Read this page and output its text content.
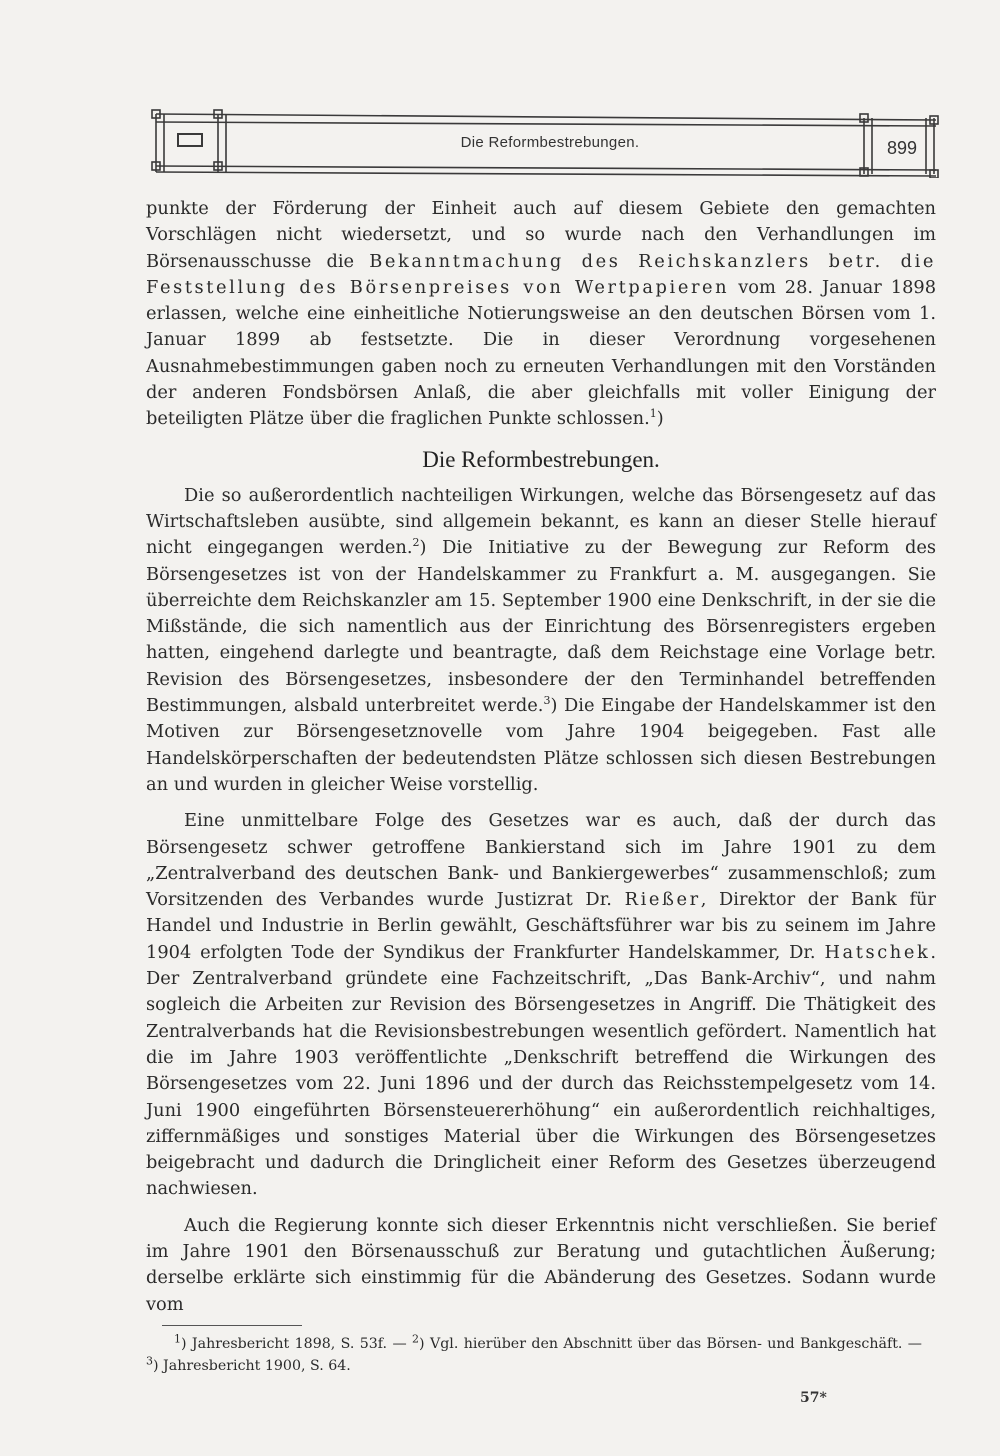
Die Reformbestrebungen.	899

punkte der Förderung der Einheit auch auf diesem Gebiete den gemachten Vorschlägen nicht wiedersetzt, und so wurde nach den Verhandlungen im Börsenausschusse die Bekanntmachung des Reichskanzlers betr. die Feststellung des Börsenpreises von Wertpapieren vom 28. Januar 1898 erlassen, welche eine einheitliche Notierungsweise an den deutschen Börsen vom 1. Januar 1899 ab festsetzte. Die in dieser Verordnung vorgesehenen Ausnahmebestimmungen gaben noch zu erneuten Verhandlungen mit den Vorständen der anderen Fondsbörsen Anlaß, die aber gleichfalls mit voller Einigung der beteiligten Plätze über die fraglichen Punkte schlossen.$^1$)

Die Reformbestrebungen.

Die so außerordentlich nachteiligen Wirkungen, welche das Börsengesetz auf das Wirtschaftsleben ausübte, sind allgemein bekannt, es kann an dieser Stelle hierauf nicht eingegangen werden.$^2$) Die Initiative zu der Bewegung zur Reform des Börsengesetzes ist von der Handelskammer zu Frankfurt a. M. ausgegangen. Sie überreichte dem Reichskanzler am 15. September 1900 eine Denkschrift, in der sie die Mißstände, die sich namentlich aus der Einrichtung des Börsenregisters ergeben hatten, eingehend darlegte und beantragte, daß dem Reichstage eine Vorlage betr. Revision des Börsengesetzes, insbesondere der den Terminhandel betreffenden Bestimmungen, alsbald unterbreitet werde.$^3$) Die Eingabe der Handelskammer ist den Motiven zur Börsengesetznovelle vom Jahre 1904 beigegeben. Fast alle Handelskörperschaften der bedeutendsten Plätze schlossen sich diesen Bestrebungen an und wurden in gleicher Weise vorstellig.

Eine unmittelbare Folge des Gesetzes war es auch, daß der durch das Börsengesetz schwer getroffene Bankierstand sich im Jahre 1901 zu dem „Zentralverband des deutschen Bank- und Bankiergewerbes“ zusammenschloß; zum Vorsitzenden des Verbandes wurde Justizrat Dr. Rießer, Direktor der Bank für Handel und Industrie in Berlin gewählt, Geschäftsführer war bis zu seinem im Jahre 1904 erfolgten Tode der Syndikus der Frankfurter Handelskammer, Dr. Hatschek. Der Zentralverband gründete eine Fachzeitschrift, „Das Bank-Archiv“, und nahm sogleich die Arbeiten zur Revision des Börsengesetzes in Angriff. Die Thätigkeit des Zentralverbands hat die Revisionsbestrebungen wesentlich gefördert. Namentlich hat die im Jahre 1903 veröffentlichte „Denkschrift betreffend die Wirkungen des Börsengesetzes vom 22. Juni 1896 und der durch das Reichsstempelgesetz vom 14. Juni 1900 eingeführten Börsensteuererhöhung“ ein außerordentlich reichhaltiges, ziffernmäßiges und sonstiges Material über die Wirkungen des Börsengesetzes beigebracht und dadurch die Dringlicheit einer Reform des Gesetzes überzeugend nachwiesen.

Auch die Regierung konnte sich dieser Erkenntnis nicht verschließen. Sie berief im Jahre 1901 den Börsenausschuß zur Beratung und gutachtlichen Äußerung; derselbe erklärte sich einstimmig für die Abänderung des Gesetzes. Sodann wurde vom

$^1$) Jahresbericht 1898, S. 53f. — $^2$) Vgl. hierüber den Abschnitt über das Börsen- und Bankgeschäft. — $^3$) Jahresbericht 1900, S. 64.

57*
